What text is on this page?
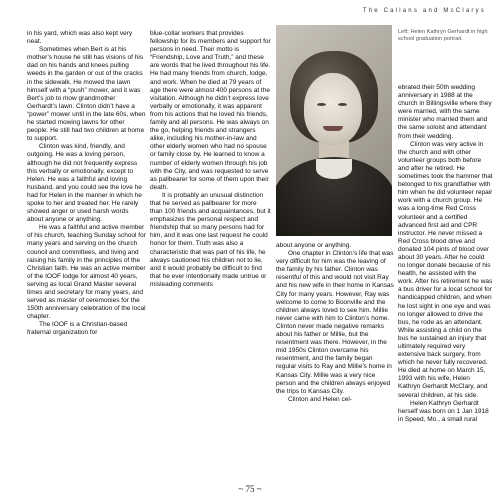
The Callans and McClarys

in his yard, which was also kept very neat.

Sometimes when Bert is at his mother’s house he still has visions of his dad on his hands and knees pulling weeds in the garden or out of the cracks in the sidewalk. He mowed the lawn himself with a “push” mower, and it was Bert’s job to mow grandmother Gerhardt’s lawn. Clinton didn’t have a “power” mower until in the late 60s, when he started mowing lawns for other people. He still had two children at home to support.

Clinton was kind, friendly, and outgoing. He was a loving person, although he did not frequently express this verbally or emotionally, except to Helen. He was a faithful and loving husband, and you could see the love he had for Helen in the manner in which he spoke to her and treated her. He rarely showed anger or used harsh words about anyone or anything.

He was a faithful and active member of his church, teaching Sunday school for many years and serving on the church council and committees, and living and raising his family in the principles of the Christian faith. He was an active member of the IOOF lodge for almost 40 years, serving as local Grand Master several times and secretary for many years, and served as master of ceremonies for the 150th anniversary celebration of the local chapter.

The IOOF is a Christian-based fraternal organization for

blue-collar workers that provides fellowship for its members and support for persons in need. Their motto is “Friendship, Love and Truth,” and these are words that he lived throughout his life. He had many friends from church, lodge, and work. When he died at 79 years of age there were almost 400 persons at the visitation. Although he didn’t express love verbally or emotionally, it was apparent from his actions that he loved his friends, family and all persons. He was always on the go, helping friends and strangers alike, including his mother-in-law and other elderly women who had no spouse or family close by. He learned to know a number of elderly women through his job with the City, and was requested to serve as pallbearer for some of them upon their death.

It is probably an unusual distinction that he served as pallbearer for more than 100 friends and acquaintances, but it emphasizes the personal respect and friendship that so many persons had for him, and it was one last request he could honor for them. Truth was also a characteristic that was part of his life, he always cautioned his children not to lie, and it would probably be difficult to find that he ever intentionally made untrue or misleading comments

Left: Helen Kathryn Gerhardt in high school graduation portrait.

about anyone or anything.

One chapter in Clinton’s life that was very difficult for him was the leaving of the family by his father. Clinton was resentful of this and would not visit Ray and his new wife in their home in Kansas City for many years. However, Ray was welcome to come to Boonville and the children always loved to see him. Millie never came with him to Clinton’s home. Clinton never made negative remarks about his father or Millie, but the resentment was there. However, in the mid 1950s Clinton overcame his resentment, and the family began regular visits to Ray and Millie’s home in Kansas City. Millie was a very nice person and the children always enjoyed the trips to Kansas City.

Clinton and Helen cel-

ebrated their 50th wedding anniversary in 1988 at the church in Billingsville where they were married, with the same minister who married them and the same soloist and attendant from their wedding.

Clinton was very active in the church and with other volunteer groups both before and after he retired. He sometimes took the hammer that belonged to his grandfather with him when he did volunteer repair work with a church group. He was a long-time Red Cross volunteer and a certified advanced first aid and CPR instructor. He never missed a Red Cross blood drive and donated 104 pints of blood over about 30 years. After he could no longer donate because of his health, he assisted with the work. After his retirement he was a bus driver for a local school for handicapped children, and when he lost sight in one eye and was no longer allowed to drive the bus, he rode as an attendant. While assisting a child on the bus he sustained an injury that ultimately required very extensive back surgery, from which he never fully recovered. He died at home on March 15, 1993 with his wife, Helen Kathryn Gerhardt McClary, and several children, at his side.

Helen Kathryn Gerhardt herself was born on 1 Jan 1918 in Speed, Mo., a small rural

~ 75 ~
